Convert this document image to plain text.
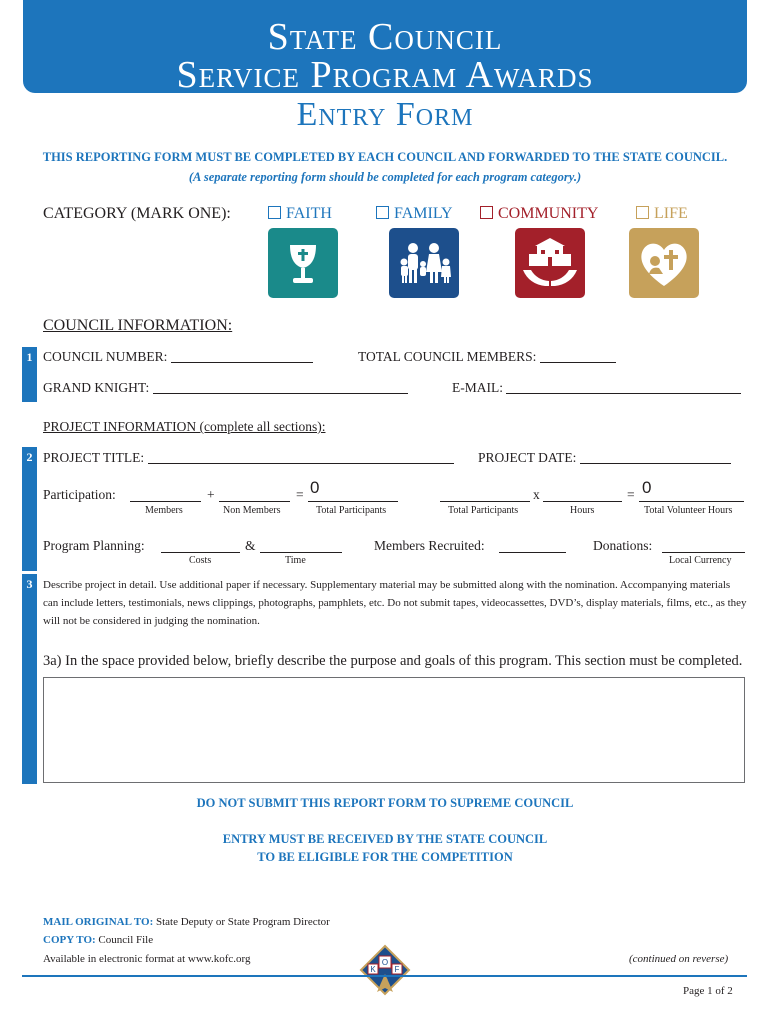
State Council
Service Program Awards
Entry Form
THIS REPORTING FORM MUST BE COMPLETED BY EACH COUNCIL AND FORWARDED TO THE STATE COUNCIL.
(A separate reporting form should be completed for each program category.)
CATEGORY (MARK ONE):	FAITH	FAMILY	COMMUNITY	LIFE
COUNCIL INFORMATION:
1 COUNCIL NUMBER:	TOTAL COUNCIL MEMBERS:
GRAND KNIGHT:	E-MAIL:
PROJECT INFORMATION (complete all sections):
2 PROJECT TITLE:	PROJECT DATE:
Participation:	+	= 0	x	= 0
Members	Non Members	Total Participants	Total Participants	Hours	Total Volunteer Hours
Program Planning:	&
Costs	Time
Members Recruited:	Donations:
Local Currency
3 Describe project in detail. Use additional paper if necessary. Supplementary material may be submitted along with the nomination. Accompanying materials can include letters, testimonials, news clippings, photographs, pamphlets, etc. Do not submit tapes, videocassettes, DVD’s, display materials, films, etc., as they will not be considered in judging the nomination.
3a) In the space provided below, briefly describe the purpose and goals of this program. This section must be completed.
DO NOT SUBMIT THIS REPORT FORM TO SUPREME COUNCIL
ENTRY MUST BE RECEIVED BY THE STATE COUNCIL
TO BE ELIGIBLE FOR THE COMPETITION
MAIL ORIGINAL TO: State Deputy or State Program Director
COPY TO: Council File
Available in electronic format at www.kofc.org
K
O
F
(continued on reverse)
Page 1 of 2
